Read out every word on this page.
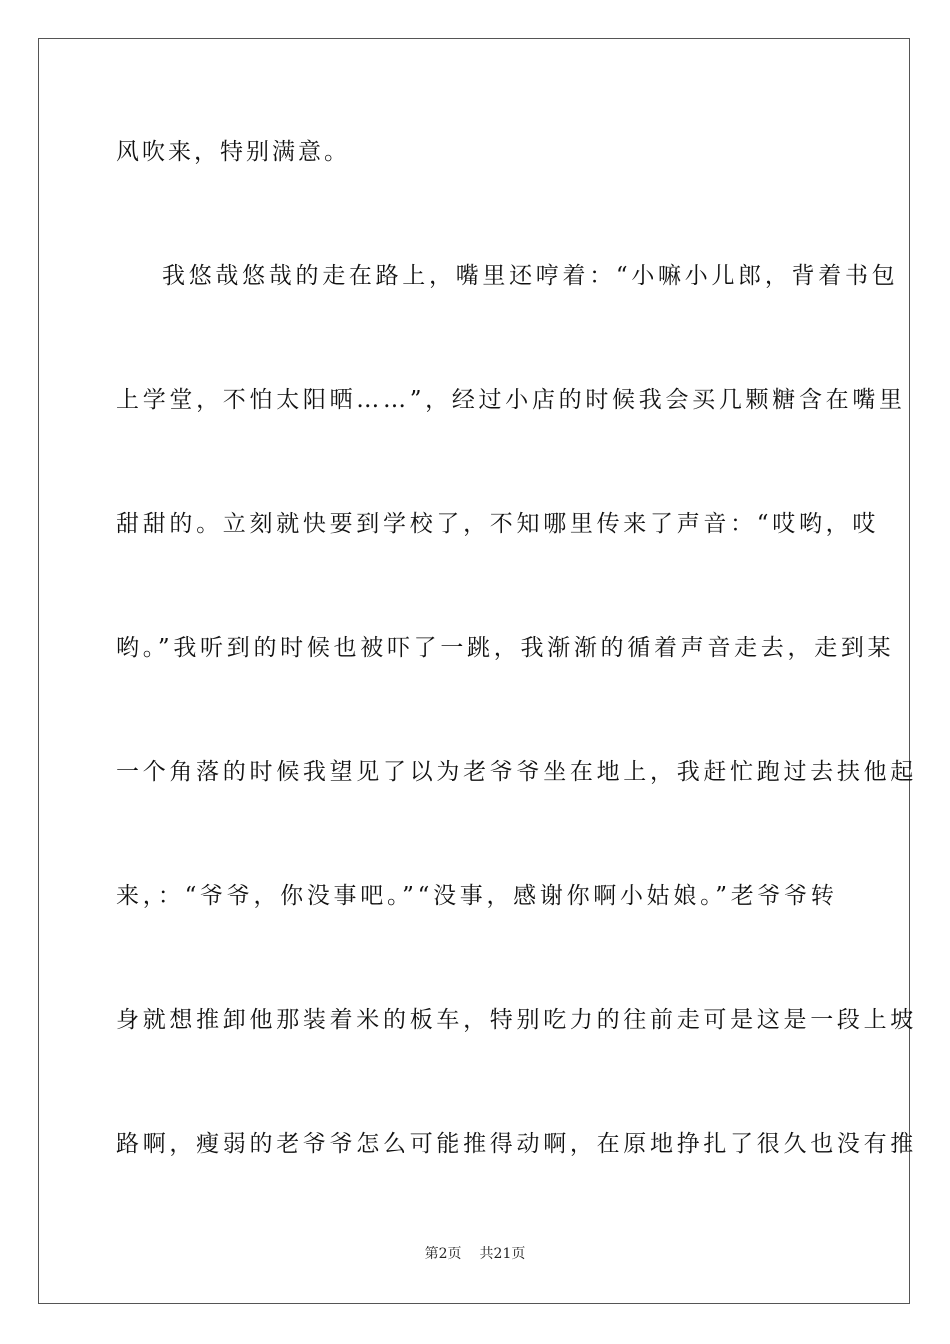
风吹来，特别满意。
我悠哉悠哉的走在路上，嘴里还哼着：“小嘛小儿郎，背着书包
上学堂，不怕太阳晒……”，经过小店的时候我会买几颗糖含在嘴里
甜甜的。立刻就快要到学校了，不知哪里传来了声音：“哎哟，哎
哟。”我听到的时候也被吓了一跳，我渐渐的循着声音走去，走到某
一个角落的时候我望见了以为老爷爷坐在地上，我赶忙跑过去扶他起
来，：“爷爷，你没事吧。”“没事，感谢你啊小姑娘。”老爷爷转
身就想推卸他那装着米的板车，特别吃力的往前走可是这是一段上坡
路啊，瘦弱的老爷爷怎么可能推得动啊，在原地挣扎了很久也没有推
第2页 共21页
